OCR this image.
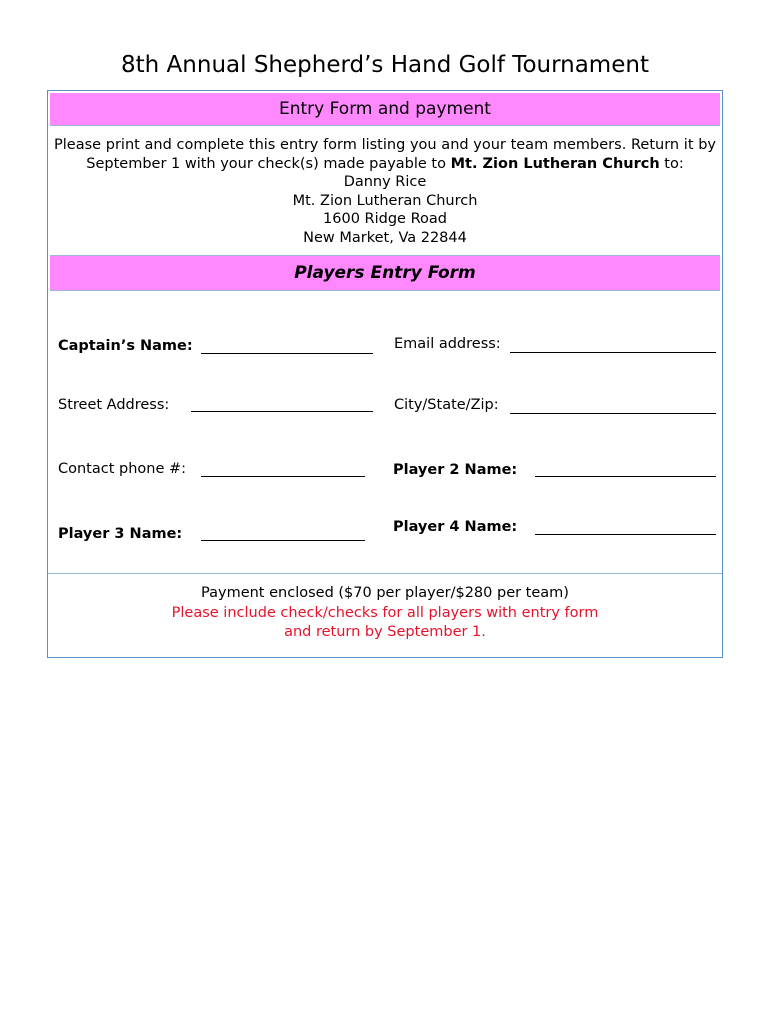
8th Annual Shepherd’s Hand Golf Tournament
Entry Form and payment
Please print and complete this entry form listing you and your team members. Return it by September 1 with your check(s) made payable to Mt. Zion Lutheran Church to:
Danny Rice
Mt. Zion Lutheran Church
1600 Ridge Road
New Market, Va 22844
Players Entry Form
Captain’s Name:	Email address:
Street Address:	City/State/Zip:
Contact phone #:	Player 2 Name:
Player 3 Name:	Player 4 Name:
Payment enclosed ($70 per player/$280 per team)
Please include check/checks for all players with entry form
and return by September 1.
